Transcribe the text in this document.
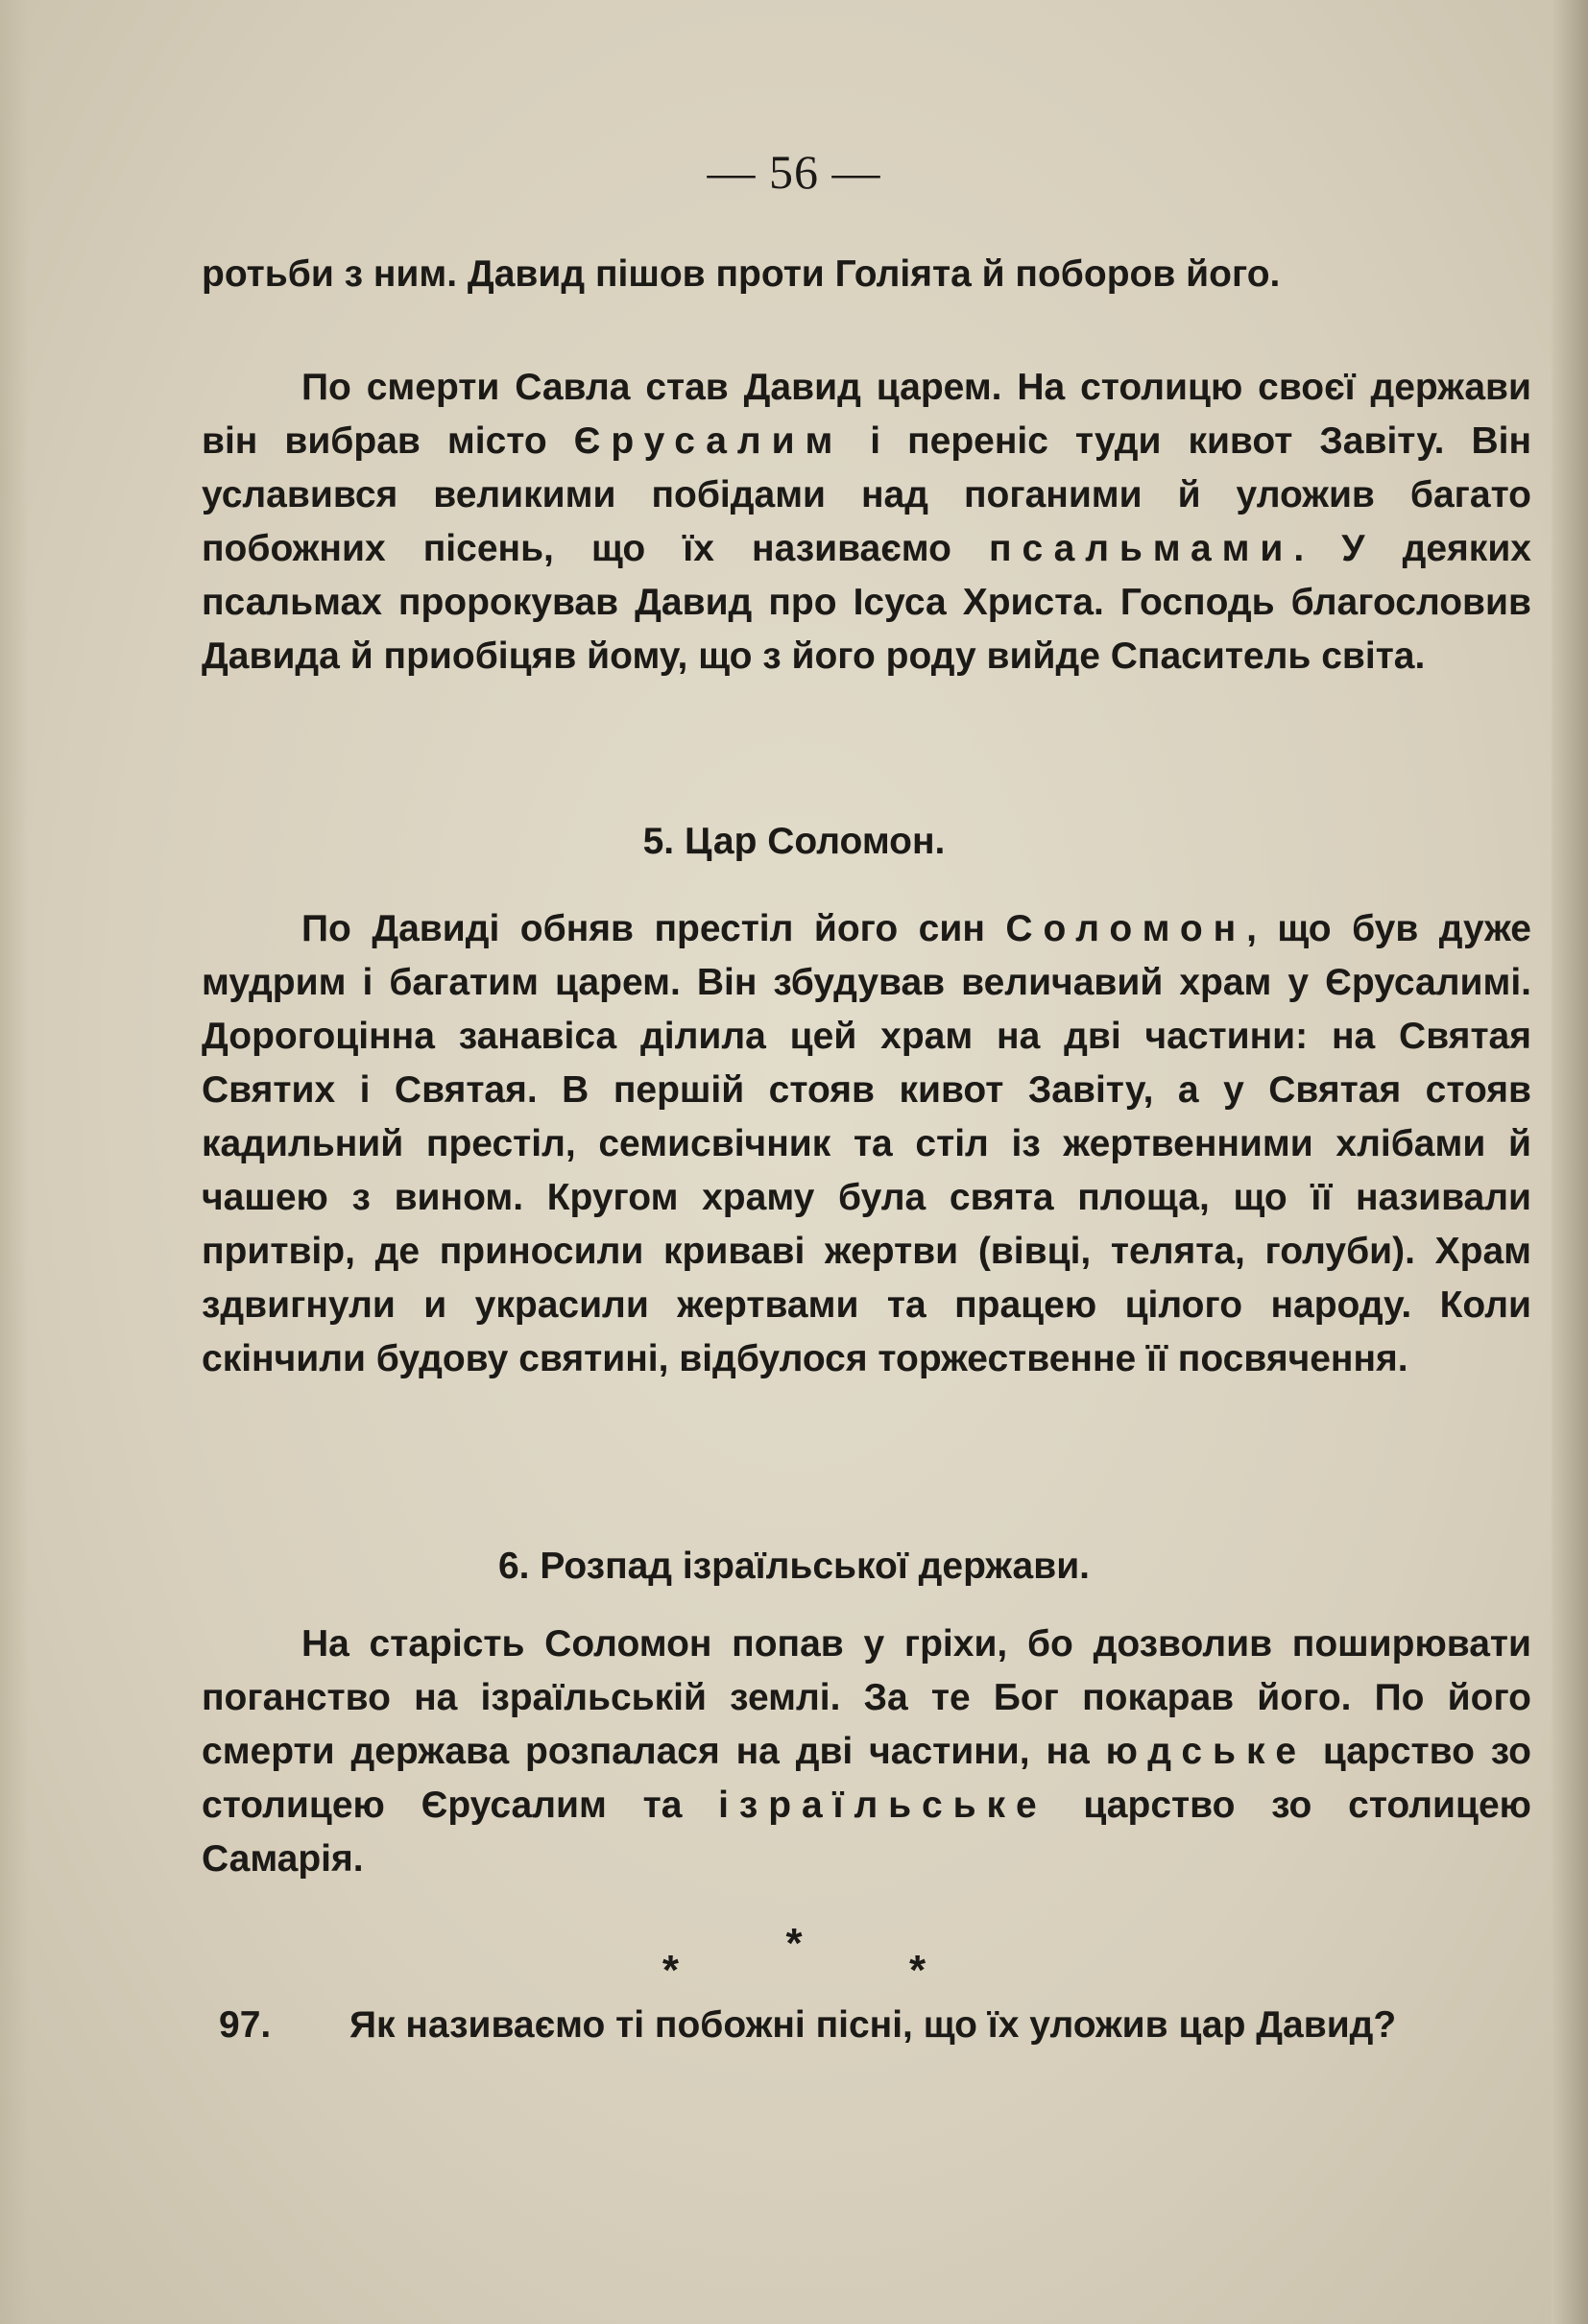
— 56 —

ротьби з ним. Давид пішов проти Голіята й поборов його.

По смерти Савла став Давид царем. На столицю своєї держави він вибрав місто Єрусалим і переніс туди кивот Завіту. Він уславився великими побідами над поганими й уложив багато побожних пісень, що їх називаємо псальмами. У деяких псальмах пророкував Давид про Ісуса Христа. Господь благословив Давида й приобіцяв йому, що з його роду вийде Спаситель світа.

5. Цар Соломон.

По Давиді обняв престіл його син Соломон, що був дуже мудрим і багатим царем. Він збудував величавий храм у Єрусалимі. Дорогоцінна занавіса ділила цей храм на дві частини: на Святая Святих і Святая. В першій стояв кивот Завіту, а у Святая стояв кадильний престіл, семисвічник та стіл із жертвенними хлібами й чашею з вином. Кругом храму була свята площа, що її називали притвір, де приносили криваві жертви (вівці, телята, голуби). Храм здвигнули и украсили жертвами та працею цілого народу. Коли скінчили будову святині, відбулося торжественне її посвячення.

6. Розпад ізраїльської держави.

На старість Соломон попав у гріхи, бо дозволив поширювати поганство на ізраїльській землі. За те Бог покарав його. По його смерти держава розпалася на дві частини, на юдське царство зо столицею Єрусалим та ізраїльське царство зо столицею Самарія.

*
*	*
97. Як називаємо ті побожні пісні, що їх уложив цар Давид?
